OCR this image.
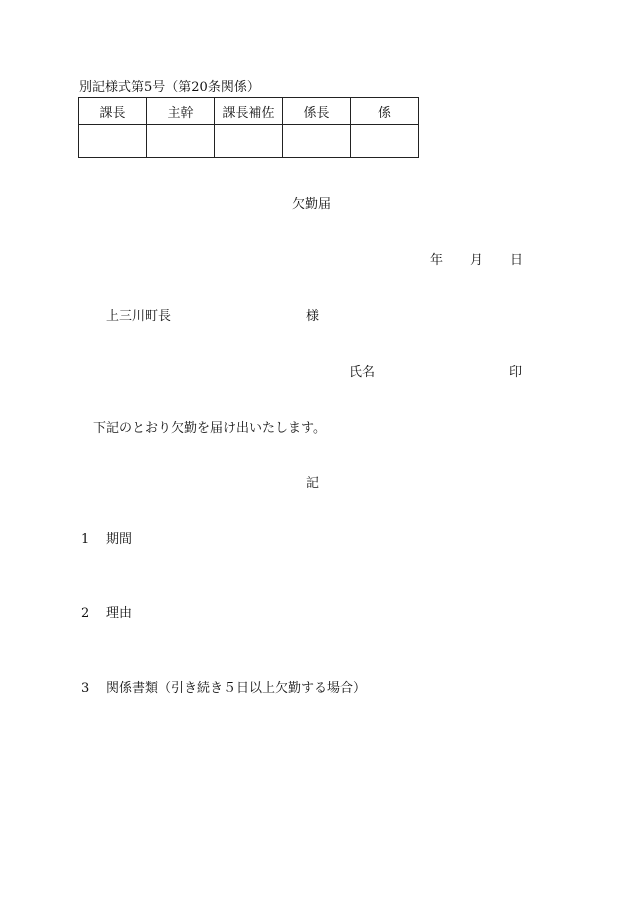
別記様式第5号（第20条関係）
課長	主幹	課長補佐	係長	係

欠勤届
年 月 日
上三川町長	様
氏名	印
下記のとおり欠勤を届け出いたします。
記
1 期間
2 理由
3 関係書類（引き続き５日以上欠勤する場合）
